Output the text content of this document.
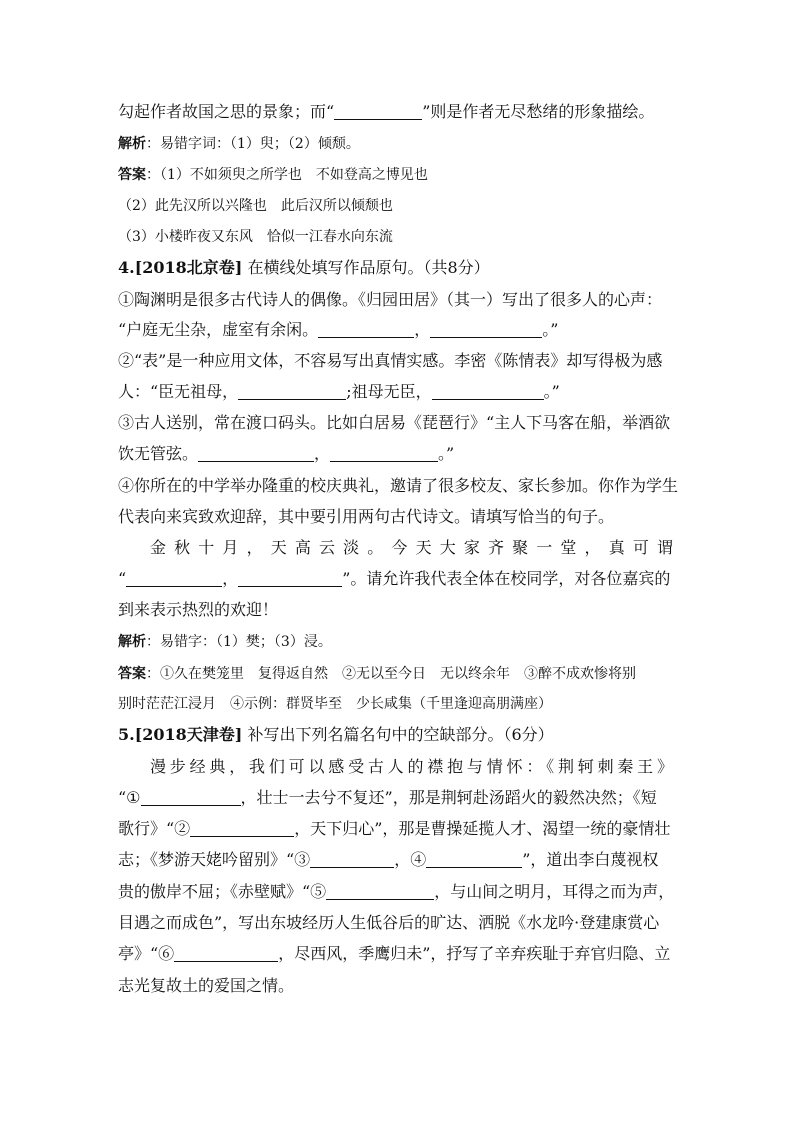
勾起作者故国之思的景象；而“	”则是作者无尽愁绪的形象描绘。
解析：易错字词：（1）臾；（2）倾颓。
答案：（1）不如须臾之所学也　不如登高之博见也
（2）此先汉所以兴隆也　此后汉所以倾颓也
（3）小楼昨夜又东风　恰似一江春水向东流
4.[2018北京卷] 在横线处填写作品原句。（共8分）
①陶渊明是很多古代诗人的偶像。《归园田居》（其一）写出了很多人的心声：
“户庭无尘杂，虚室有余闲。	，	。”
②“表”是一种应用文体，不容易写出真情实感。李密《陈情表》却写得极为感
人：“臣无祖母，	;祖母无臣，	。”
③古人送别，常在渡口码头。比如白居易《琵琶行》“主人下马客在船，举酒欲
饮无管弦。	，	。”
④你所在的中学举办隆重的校庆典礼，邀请了很多校友、家长参加。你作为学生
代表向来宾致欢迎辞，其中要引用两句古代诗文。请填写恰当的句子。
金秋十月，天高云淡。今天大家齐聚一堂，真可谓
“	，	”。请允许我代表全体在校同学，对各位嘉宾的
到来表示热烈的欢迎！
解析：易错字：（1）樊；（3）浸。
答案：①久在樊笼里　复得返自然　②无以至今日　无以终余年　③醉不成欢惨将别
别时茫茫江浸月　④示例：群贤毕至　少长咸集（千里逢迎高朋满座）
5.[2018天津卷] 补写出下列名篇名句中的空缺部分。（6分）
漫步经典，我们可以感受古人的襟抱与情怀：《荆轲刺秦王》
“①	，壮士一去兮不复还”，那是荆轲赴汤蹈火的毅然决然；《短
歌行》“②	，天下归心”，那是曹操延揽人才、渴望一统的豪情壮
志；《梦游天姥吟留别》“③	，④	”，道出李白蔑视权
贵的傲岸不屈；《赤壁赋》“⑤	，与山间之明月，耳得之而为声，
目遇之而成色”，写出东坡经历人生低谷后的旷达、洒脱《水龙吟·登建康赏心
亭》“⑥	，尽西风，季鹰归未”，抒写了辛弃疾耻于弃官归隐、立
志光复故土的爱国之情。
